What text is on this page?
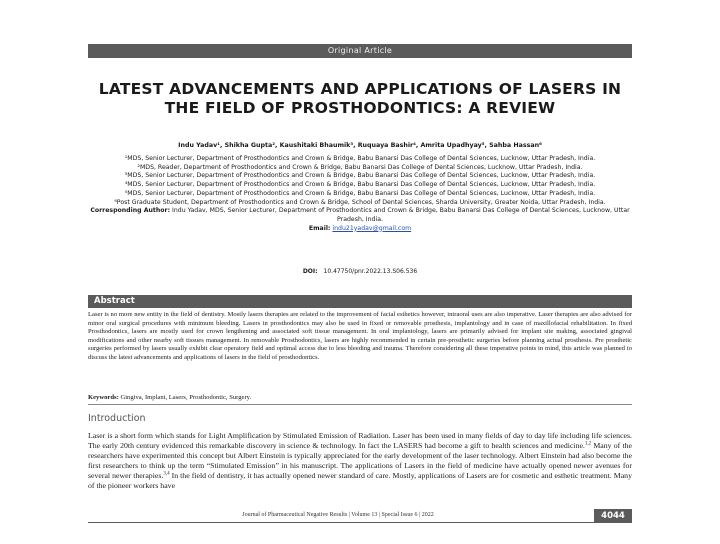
Original Article
LATEST ADVANCEMENTS AND APPLICATIONS OF LASERS IN THE FIELD OF PROSTHODONTICS: A REVIEW
Indu Yadav¹, Shikha Gupta², Kaushitaki Bhaumik³, Ruquaya Bashir⁴, Amrita Upadhyay⁵, Sahba Hassan⁶

¹MDS, Senior Lecturer, Department of Prosthodontics and Crown & Bridge, Babu Banarsi Das College of Dental Sciences, Lucknow, Uttar Pradesh, India.

²MDS, Reader, Department of Prosthodontics and Crown & Bridge, Babu Banarsi Das College of Dental Sciences, Lucknow, Uttar Pradesh, India.

³MDS, Senior Lecturer, Department of Prosthodontics and Crown & Bridge, Babu Banarsi Das College of Dental Sciences, Lucknow, Uttar Pradesh, India.

⁴MDS, Senior Lecturer, Department of Prosthodontics and Crown & Bridge, Babu Banarsi Das College of Dental Sciences, Lucknow, Uttar Pradesh, India.

⁵MDS, Senior Lecturer, Department of Prosthodontics and Crown & Bridge, Babu Banarsi Das College of Dental Sciences, Lucknow, Uttar Pradesh, India.

⁶Post Graduate Student, Department of Prosthodontics and Crown & Bridge, School of Dental Sciences, Sharda University, Greater Noida, Uttar Pradesh, India.

Corresponding Author: Indu Yadav, MDS, Senior Lecturer, Department of Prosthodontics and Crown & Bridge, Babu Banarsi Das College of Dental Sciences, Lucknow, Uttar Pradesh, India.

Email: indu21yadav@gmail.com

DOI: 10.47750/pnr.2022.13.S06.536
Abstract

Laser is no more new entity in the field of dentistry. Mostly lasers therapies are related to the improvement of facial esthetics however, intraoral uses are also imperative. Laser therapies are also advised for minor oral surgical procedures with minimum bleeding. Lasers in prosthodontics may also be used in fixed or removable prosthesis, implantology and in case of maxillofacial rehabilitation. In fixed Prosthodontics, lasers are mostly used for crown lengthening and associated soft tissue management. In oral implantology, lasers are primarily advised for implant site making, associated gingival modifications and other nearby soft tissues management. In removable Prosthodontics, lasers are highly recommended in certain pre-prosthetic surgeries before planning actual prosthesis. Pre prosthetic surgeries performed by lasers usually exhibit clear operatory field and optimal access due to less bleeding and trauma. Therefore considering all these imperative points in mind, this article was planned to discuss the latest advancements and applications of lasers in the field of prosthodontics.

Keywords: Gingiva, Implant, Lasers, Prosthodontic, Surgery.

Introduction

Laser is a short form which stands for Light Amplification by Stimulated Emission of Radiation. Laser has been used in many fields of day to day life including life sciences. The early 20th century evidenced this remarkable discovery in science & technology. In fact the LASERS had become a gift to health sciences and medicine.$^{1,2}$ Many of the researchers have experimented this concept but Albert Einstein is typically appreciated for the early development of the laser technology. Albert Einstein had also become the first researchers to think up the term “Stimulated Emission” in his manuscript. The applications of Lasers in the field of medicine have actually opened newer avenues for several newer therapies.$^{3,4}$ In the field of dentistry, it has actually opened newer standard of care. Mostly, applications of Lasers are for cosmetic and esthetic treatment. Many of the pioneer workers have

Journal of Pharmaceutical Negative Results | Volume 13 | Special Issue 6 | 2022	4044
